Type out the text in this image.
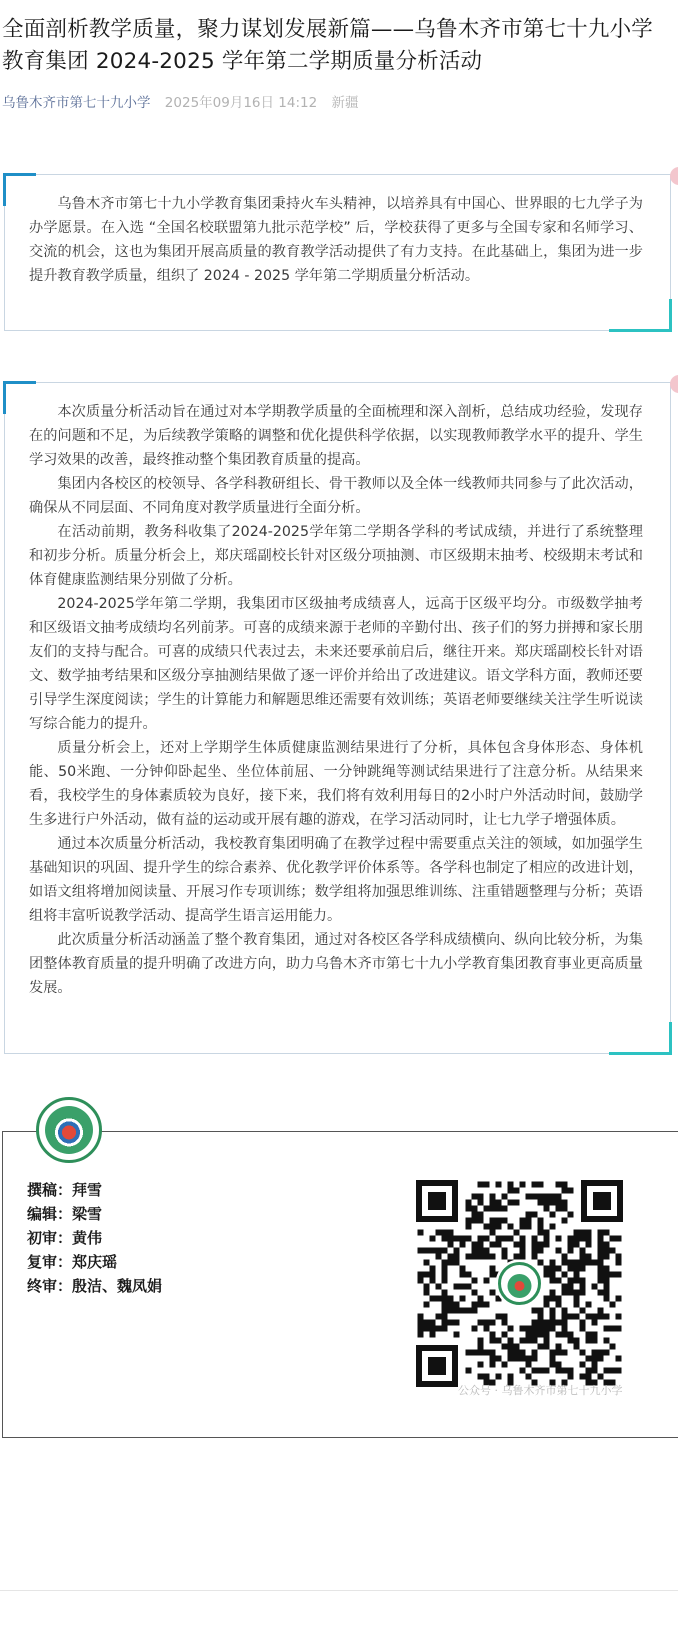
全面剖析教学质量，聚力谋划发展新篇——乌鲁木齐市第七十九小学教育集团 2024-2025 学年第二学期质量分析活动
乌鲁木齐市第七十九小学 2025年09月16日 14:12 新疆

乌鲁木齐市第七十九小学教育集团秉持火车头精神，以培养具有中国心、世界眼的七九学子为办学愿景。在入选 “全国名校联盟第九批示范学校” 后，学校获得了更多与全国专家和名师学习、交流的机会，这也为集团开展高质量的教育教学活动提供了有力支持。在此基础上，集团为进一步提升教育教学质量，组织了 2024 - 2025 学年第二学期质量分析活动。

本次质量分析活动旨在通过对本学期教学质量的全面梳理和深入剖析，总结成功经验，发现存在的问题和不足，为后续教学策略的调整和优化提供科学依据，以实现教师教学水平的提升、学生学习效果的改善，最终推动整个集团教育质量的提高。

集团内各校区的校领导、各学科教研组长、骨干教师以及全体一线教师共同参与了此次活动，确保从不同层面、不同角度对教学质量进行全面分析。

在活动前期，教务科收集了2024-2025学年第二学期各学科的考试成绩，并进行了系统整理和初步分析。质量分析会上，郑庆瑶副校长针对区级分项抽测、市区级期末抽考、校级期末考试和体育健康监测结果分别做了分析。

2024-2025学年第二学期，我集团市区级抽考成绩喜人，远高于区级平均分。市级数学抽考和区级语文抽考成绩均名列前茅。可喜的成绩来源于老师的辛勤付出、孩子们的努力拼搏和家长朋友们的支持与配合。可喜的成绩只代表过去，未来还要承前启后，继往开来。郑庆瑶副校长针对语文、数学抽考结果和区级分享抽测结果做了逐一评价并给出了改进建议。语文学科方面，教师还要引导学生深度阅读；学生的计算能力和解题思维还需要有效训练；英语老师要继续关注学生听说读写综合能力的提升。

质量分析会上，还对上学期学生体质健康监测结果进行了分析，具体包含身体形态、身体机能、50米跑、一分钟仰卧起坐、坐位体前屈、一分钟跳绳等测试结果进行了注意分析。从结果来看，我校学生的身体素质较为良好，接下来，我们将有效利用每日的2小时户外活动时间，鼓励学生多进行户外活动，做有益的运动或开展有趣的游戏，在学习活动同时，让七九学子增强体质。

通过本次质量分析活动，我校教育集团明确了在教学过程中需要重点关注的领域，如加强学生基础知识的巩固、提升学生的综合素养、优化教学评价体系等。各学科也制定了相应的改进计划，如语文组将增加阅读量、开展习作专项训练；数学组将加强思维训练、注重错题整理与分析；英语组将丰富听说教学活动、提高学生语言运用能力。

此次质量分析活动涵盖了整个教育集团，通过对各校区各学科成绩横向、纵向比较分析，为集团整体教育质量的提升明确了改进方向，助力乌鲁木齐市第七十九小学教育集团教育事业更高质量发展。

撰稿：拜雪
编辑：梁雪
初审：黄伟
复审：郑庆瑶
终审：殷洁、魏凤娟
公众号 · 乌鲁木齐市第七十九小学
